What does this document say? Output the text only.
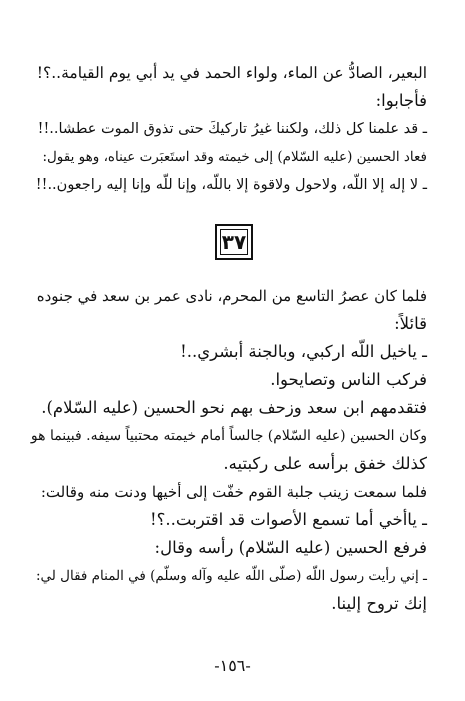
البعير، الصادُّ عن الماء، ولواء الحمد في يد أبي يوم القيامة..؟!
فأجابوا:
ـ قد علمنا كل ذلك، ولكننا غيرُ تاركيكَ حتى تذوق الموت عطشا..!!
فعاد الحسين (عليه السّلام) إلى خيمته وقد استَعبَرت عيناه، وهو يقول:
ـ لا إله إلا اللّه، ولاحول ولاقوة إلا باللّه، وإنا للّه وإنا إليه راجعون..!!
٣٧
فلما كان عصرُ التاسع من المحرم، نادى عمر بن سعد في جنوده
قائلاً:
ـ ياخيل اللّه اركبي، وبالجنة أبشري..!
فركب الناس وتصايحوا.
فتقدمهم ابن سعد وزحف بهم نحو الحسين (عليه السّلام).
وكان الحسين (عليه السّلام) جالساً أمام خيمته محتبياً سيفه. فبينما هو
كذلك خفق برأسه على ركبتيه.
فلما سمعت زينب جلبة القوم خفّت إلى أخيها ودنت منه وقالت:
ـ ياأخي أما تسمع الأصوات قد اقتربت..؟!
فرفع الحسين (عليه السّلام) رأسه وقال:
ـ إني رأيت رسول اللّه (صلّى اللّه عليه وآله وسلّم) في المنام فقال لي:
إنك تروح إلينا.
-١٥٦-
